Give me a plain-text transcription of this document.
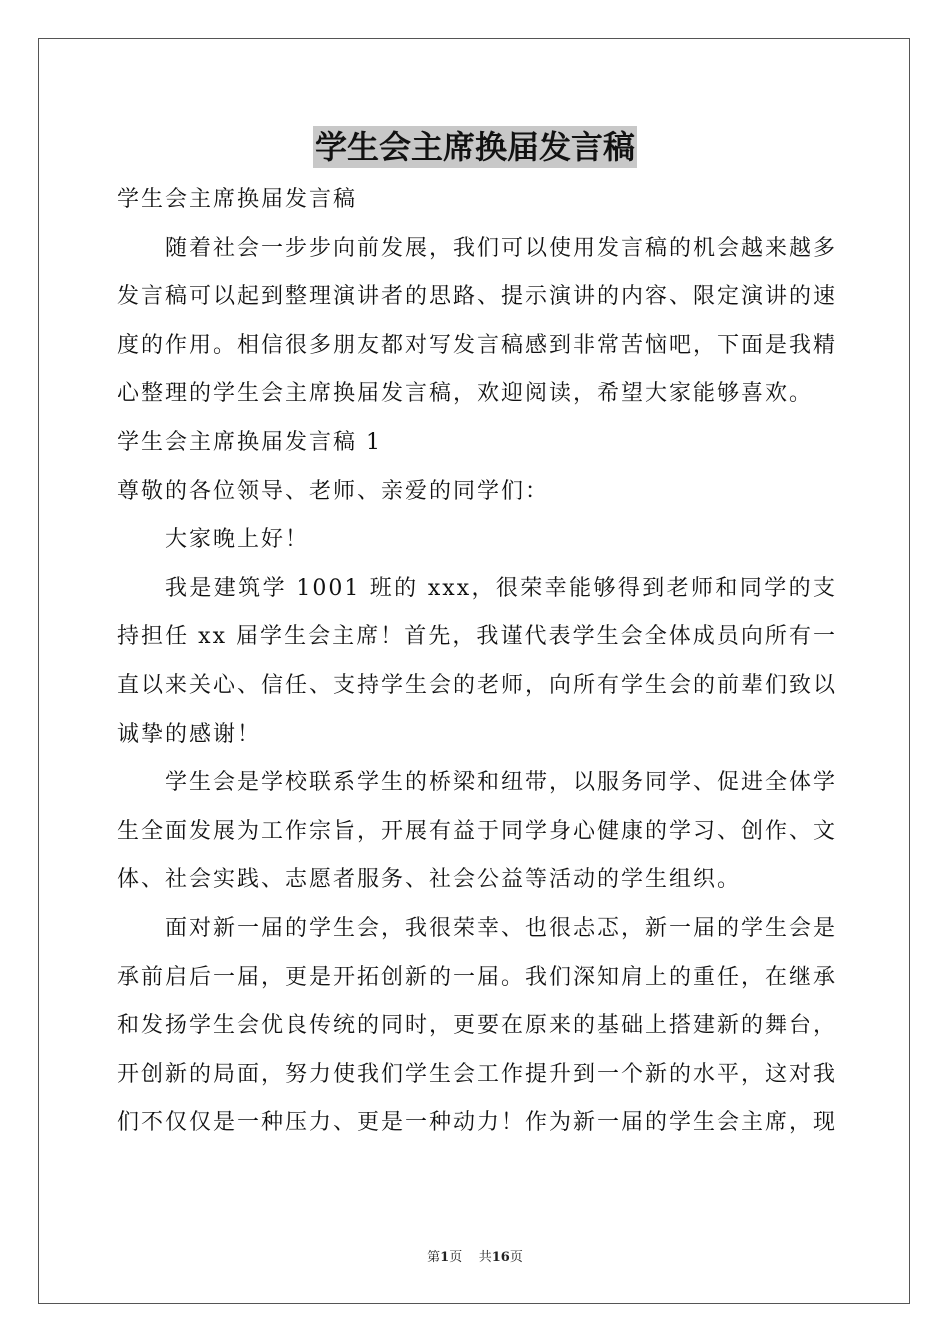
学生会主席换届发言稿

学生会主席换届发言稿

随着社会一步步向前发展，我们可以使用发言稿的机会越来越多发言稿可以起到整理演讲者的思路、提示演讲的内容、限定演讲的速度的作用。相信很多朋友都对写发言稿感到非常苦恼吧，下面是我精心整理的学生会主席换届发言稿，欢迎阅读，希望大家能够喜欢。

学生会主席换届发言稿 1

尊敬的各位领导、老师、亲爱的同学们：

大家晚上好！

我是建筑学 1001 班的 xxx，很荣幸能够得到老师和同学的支持担任 xx 届学生会主席！首先，我谨代表学生会全体成员向所有一直以来关心、信任、支持学生会的老师，向所有学生会的前辈们致以诚挚的感谢！

学生会是学校联系学生的桥梁和纽带，以服务同学、促进全体学生全面发展为工作宗旨，开展有益于同学身心健康的学习、创作、文体、社会实践、志愿者服务、社会公益等活动的学生组织。

面对新一届的学生会，我很荣幸、也很忐忑，新一届的学生会是承前启后一届，更是开拓创新的一届。我们深知肩上的重任，在继承和发扬学生会优良传统的同时，更要在原来的基础上搭建新的舞台，开创新的局面，努力使我们学生会工作提升到一个新的水平，这对我们不仅仅是一种压力、更是一种动力！作为新一届的学生会主席，现

第1页 共16页
